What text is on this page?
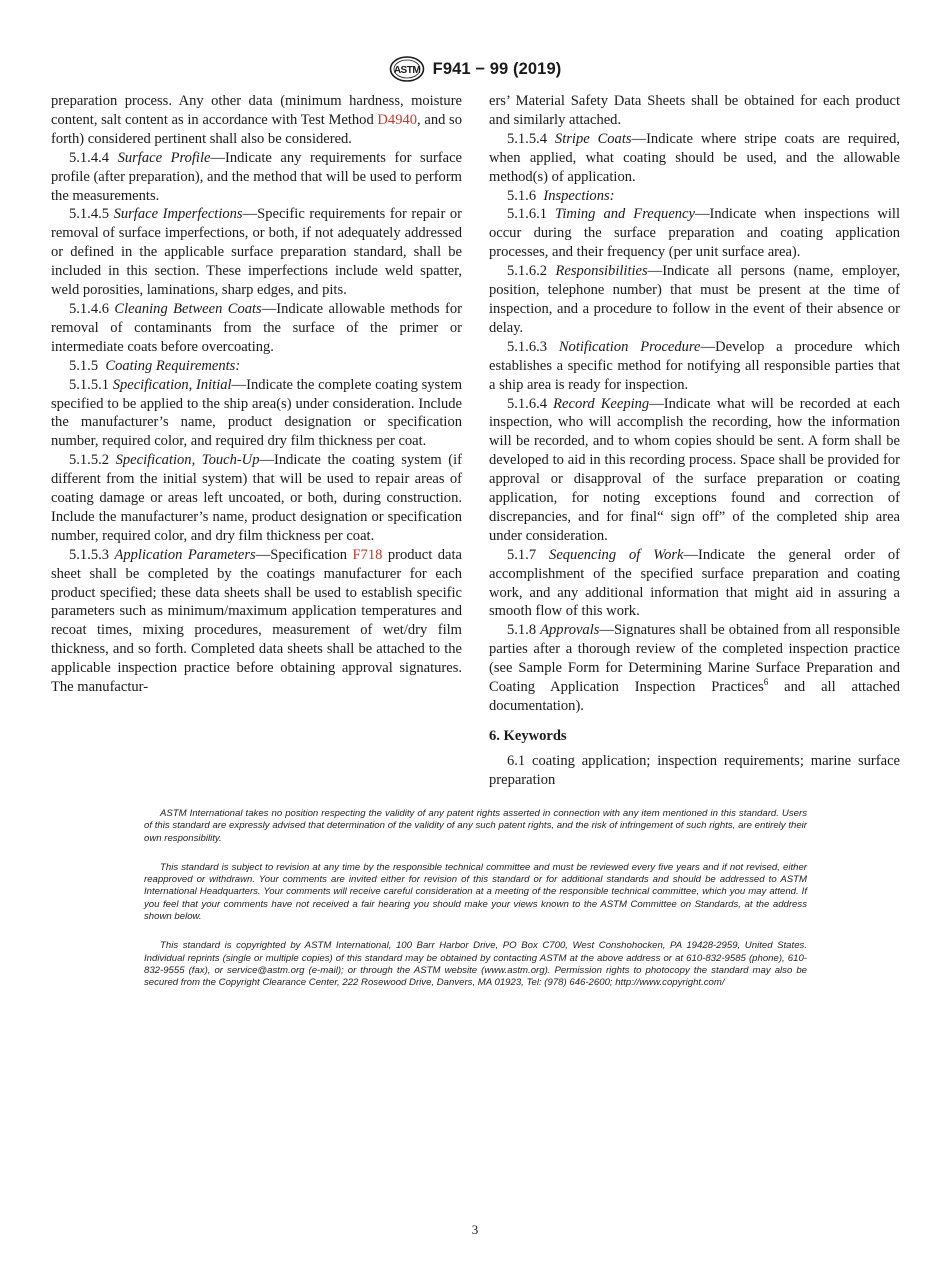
ASTM F941 − 99 (2019)

preparation process. Any other data (minimum hardness, moisture content, salt content as in accordance with Test Method D4940, and so forth) considered pertinent shall also be considered.

5.1.4.4 Surface Profile—Indicate any requirements for surface profile (after preparation), and the method that will be used to perform the measurements.

5.1.4.5 Surface Imperfections—Specific requirements for repair or removal of surface imperfections, or both, if not adequately addressed or defined in the applicable surface preparation standard, shall be included in this section. These imperfections include weld spatter, weld porosities, laminations, sharp edges, and pits.

5.1.4.6 Cleaning Between Coats—Indicate allowable methods for removal of contaminants from the surface of the primer or intermediate coats before overcoating.

5.1.5 Coating Requirements:

5.1.5.1 Specification, Initial—Indicate the complete coating system specified to be applied to the ship area(s) under consideration. Include the manufacturer’s name, product designation or specification number, required color, and required dry film thickness per coat.

5.1.5.2 Specification, Touch-Up—Indicate the coating system (if different from the initial system) that will be used to repair areas of coating damage or areas left uncoated, or both, during construction. Include the manufacturer’s name, product designation or specification number, required color, and dry film thickness per coat.

5.1.5.3 Application Parameters—Specification F718 product data sheet shall be completed by the coatings manufacturer for each product specified; these data sheets shall be used to establish specific parameters such as minimum/maximum application temperatures and recoat times, mixing procedures, measurement of wet/dry film thickness, and so forth. Completed data sheets shall be attached to the applicable inspection practice before obtaining approval signatures. The manufactur-

ers’ Material Safety Data Sheets shall be obtained for each product and similarly attached.

5.1.5.4 Stripe Coats—Indicate where stripe coats are required, when applied, what coating should be used, and the allowable method(s) of application.

5.1.6 Inspections:

5.1.6.1 Timing and Frequency—Indicate when inspections will occur during the surface preparation and coating application processes, and their frequency (per unit surface area).

5.1.6.2 Responsibilities—Indicate all persons (name, employer, position, telephone number) that must be present at the time of inspection, and a procedure to follow in the event of their absence or delay.

5.1.6.3 Notification Procedure—Develop a procedure which establishes a specific method for notifying all responsible parties that a ship area is ready for inspection.

5.1.6.4 Record Keeping—Indicate what will be recorded at each inspection, who will accomplish the recording, how the information will be recorded, and to whom copies should be sent. A form shall be developed to aid in this recording process. Space shall be provided for approval or disapproval of the surface preparation or coating application, for noting exceptions found and correction of discrepancies, and for final“ sign off” of the completed ship area under consideration.

5.1.7 Sequencing of Work—Indicate the general order of accomplishment of the specified surface preparation and coating work, and any additional information that might aid in assuring a smooth flow of this work.

5.1.8 Approvals—Signatures shall be obtained from all responsible parties after a thorough review of the completed inspection practice (see Sample Form for Determining Marine Surface Preparation and Coating Application Inspection Practices$^6$ and all attached documentation).

6. Keywords

6.1 coating application; inspection requirements; marine surface preparation

ASTM International takes no position respecting the validity of any patent rights asserted in connection with any item mentioned in this standard. Users of this standard are expressly advised that determination of the validity of any such patent rights, and the risk of infringement of such rights, are entirely their own responsibility.

This standard is subject to revision at any time by the responsible technical committee and must be reviewed every five years and if not revised, either reapproved or withdrawn. Your comments are invited either for revision of this standard or for additional standards and should be addressed to ASTM International Headquarters. Your comments will receive careful consideration at a meeting of the responsible technical committee, which you may attend. If you feel that your comments have not received a fair hearing you should make your views known to the ASTM Committee on Standards, at the address shown below.

This standard is copyrighted by ASTM International, 100 Barr Harbor Drive, PO Box C700, West Conshohocken, PA 19428-2959, United States. Individual reprints (single or multiple copies) of this standard may be obtained by contacting ASTM at the above address or at 610-832-9585 (phone), 610-832-9555 (fax), or service@astm.org (e-mail); or through the ASTM website (www.astm.org). Permission rights to photocopy the standard may also be secured from the Copyright Clearance Center, 222 Rosewood Drive, Danvers, MA 01923, Tel: (978) 646-2600; http://www.copyright.com/

3
